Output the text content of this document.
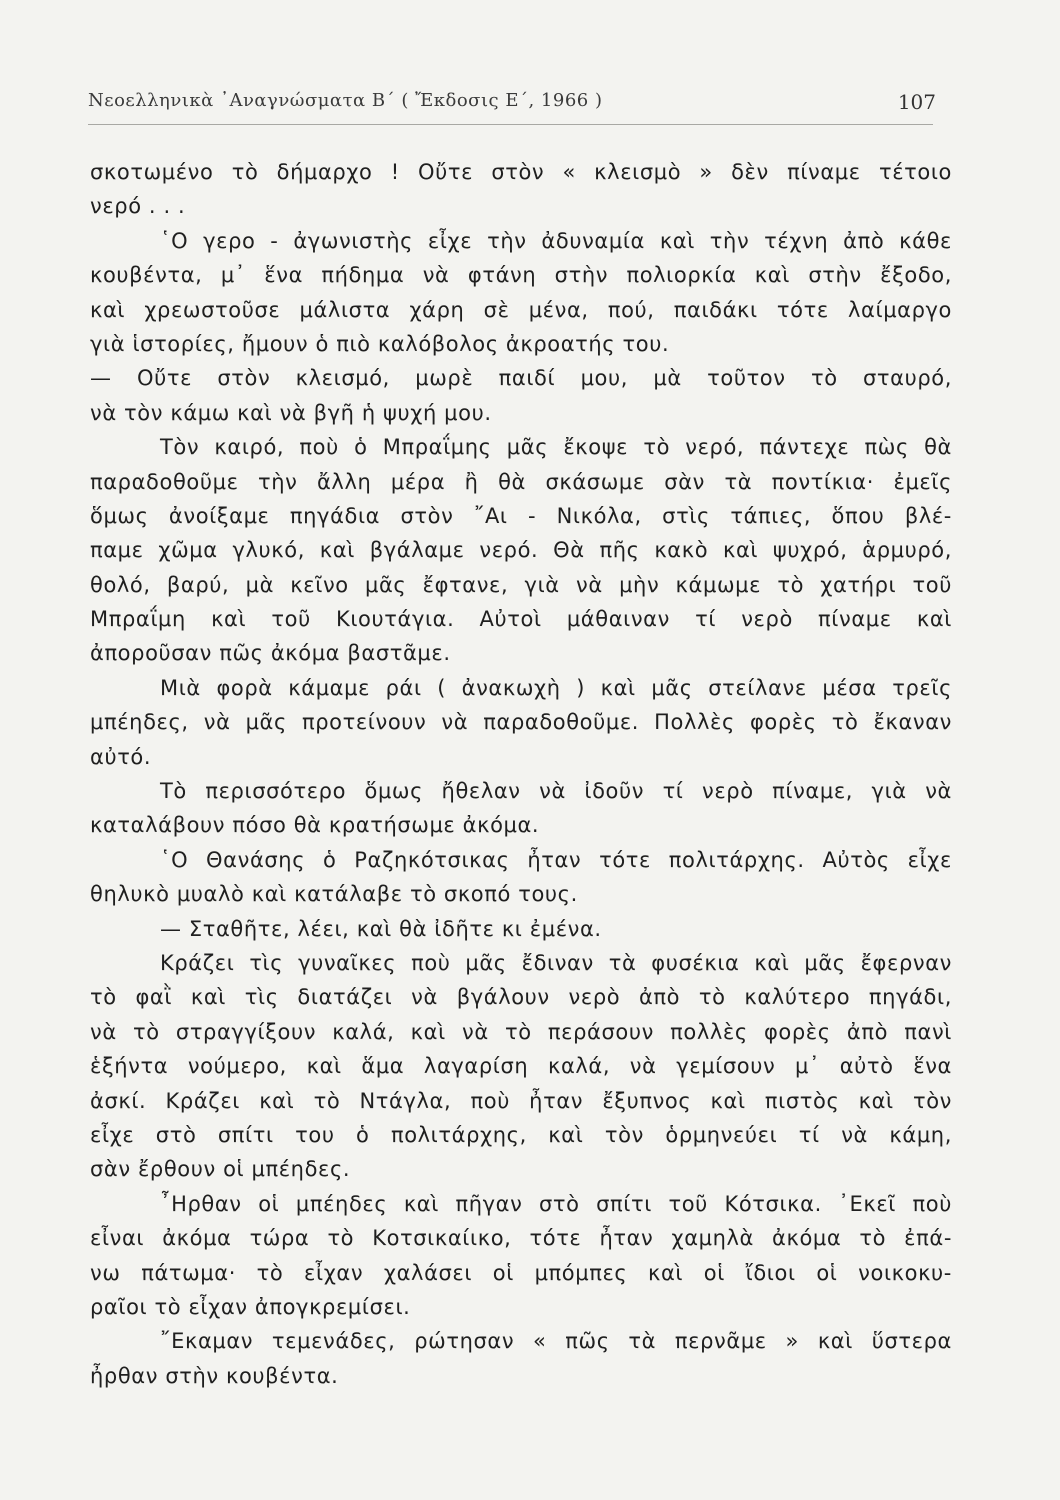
Νεοελληνικὰ ᾿Αναγνώσματα Β΄ ( Ἔκδοσις Ε΄, 1966 )	107
σκοτωμένο τὸ δήμαρχο ! Οὔτε στὸν « κλεισμὸ » δὲν πίναμε τέτοιο
νερό . . .
῾Ο γερο - ἀγωνιστὴς εἶχε τὴν ἀδυναμία καὶ τὴν τέχνη ἀπὸ κάθε
κουβέντα, μ᾿ ἕνα πήδημα νὰ φτάνη στὴν πολιορκία καὶ στὴν ἔξοδο,
καὶ χρεωστοῦσε μάλιστα χάρη σὲ μένα, πού, παιδάκι τότε λαίμαργο
γιὰ ἱστορίες, ἤμουν ὁ πιὸ καλόβολος ἀκροατής του.
— Οὔτε στὸν κλεισμό, μωρὲ παιδί μου, μὰ τοῦτον τὸ σταυρό,
νὰ τὸν κάμω καὶ νὰ βγῆ ἡ ψυχή μου.
Τὸν καιρό, ποὺ ὁ Μπραΐμης μᾶς ἔκοψε τὸ νερό, πάντεχε πὼς θὰ
παραδοθοῦμε τὴν ἄλλη μέρα ἢ θὰ σκάσωμε σὰν τὰ ποντίκια· ἐμεῖς
ὅμως ἀνοίξαμε πηγάδια στὸν ῎Αι - Νικόλα, στὶς τάπιες, ὅπου βλέ-
παμε χῶμα γλυκό, καὶ βγάλαμε νερό. Θὰ πῆς κακὸ καὶ ψυχρό, ἁρμυρό,
θολό, βαρύ, μὰ κεῖνο μᾶς ἔφτανε, γιὰ νὰ μὴν κάμωμε τὸ χατήρι τοῦ
Μπραΐμη καὶ τοῦ Κιουτάγια. Αὐτοὶ μάθαιναν τί νερὸ πίναμε καὶ
ἀποροῦσαν πῶς ἀκόμα βαστᾶμε.
Μιὰ φορὰ κάμαμε ράι ( ἀνακωχὴ ) καὶ μᾶς στείλανε μέσα τρεῖς
μπέηδες, νὰ μᾶς προτείνουν νὰ παραδοθοῦμε. Πολλὲς φορὲς τὸ ἔκαναν
αὐτό.
Τὸ περισσότερο ὅμως ἤθελαν νὰ ἰδοῦν τί νερὸ πίναμε, γιὰ νὰ
καταλάβουν πόσο θὰ κρατήσωμε ἀκόμα.
῾Ο Θανάσης ὁ Ραζηκότσικας ἦταν τότε πολιτάρχης. Αὐτὸς εἶχε
θηλυκὸ μυαλὸ καὶ κατάλαβε τὸ σκοπό τους.
— Σταθῆτε, λέει, καὶ θὰ ἰδῆτε κι ἐμένα.
Κράζει τὶς γυναῖκες ποὺ μᾶς ἔδιναν τὰ φυσέκια καὶ μᾶς ἔφερναν
τὸ φαῒ καὶ τὶς διατάζει νὰ βγάλουν νερὸ ἀπὸ τὸ καλύτερο πηγάδι,
νὰ τὸ στραγγίξουν καλά, καὶ νὰ τὸ περάσουν πολλὲς φορὲς ἀπὸ πανὶ
ἑξήντα νούμερο, καὶ ἅμα λαγαρίση καλά, νὰ γεμίσουν μ᾿ αὐτὸ ἕνα
ἀσκί. Κράζει καὶ τὸ Ντάγλα, ποὺ ἦταν ἔξυπνος καὶ πιστὸς καὶ τὸν
εἶχε στὸ σπίτι του ὁ πολιτάρχης, καὶ τὸν ὁρμηνεύει τί νὰ κάμη,
σὰν ἔρθουν οἱ μπέηδες.
῏Ηρθαν οἱ μπέηδες καὶ πῆγαν στὸ σπίτι τοῦ Κότσικα. ᾿Εκεῖ ποὺ
εἶναι ἀκόμα τώρα τὸ Κοτσικαίικο, τότε ἦταν χαμηλὰ ἀκόμα τὸ ἐπά-
νω πάτωμα· τὸ εἶχαν χαλάσει οἱ μπόμπες καὶ οἱ ἴδιοι οἱ νοικοκυ-
ραῖοι τὸ εἶχαν ἀπογκρεμίσει.
῎Εκαμαν τεμενάδες, ρώτησαν « πῶς τὰ περνᾶμε » καὶ ὕστερα
ἦρθαν στὴν κουβέντα.
